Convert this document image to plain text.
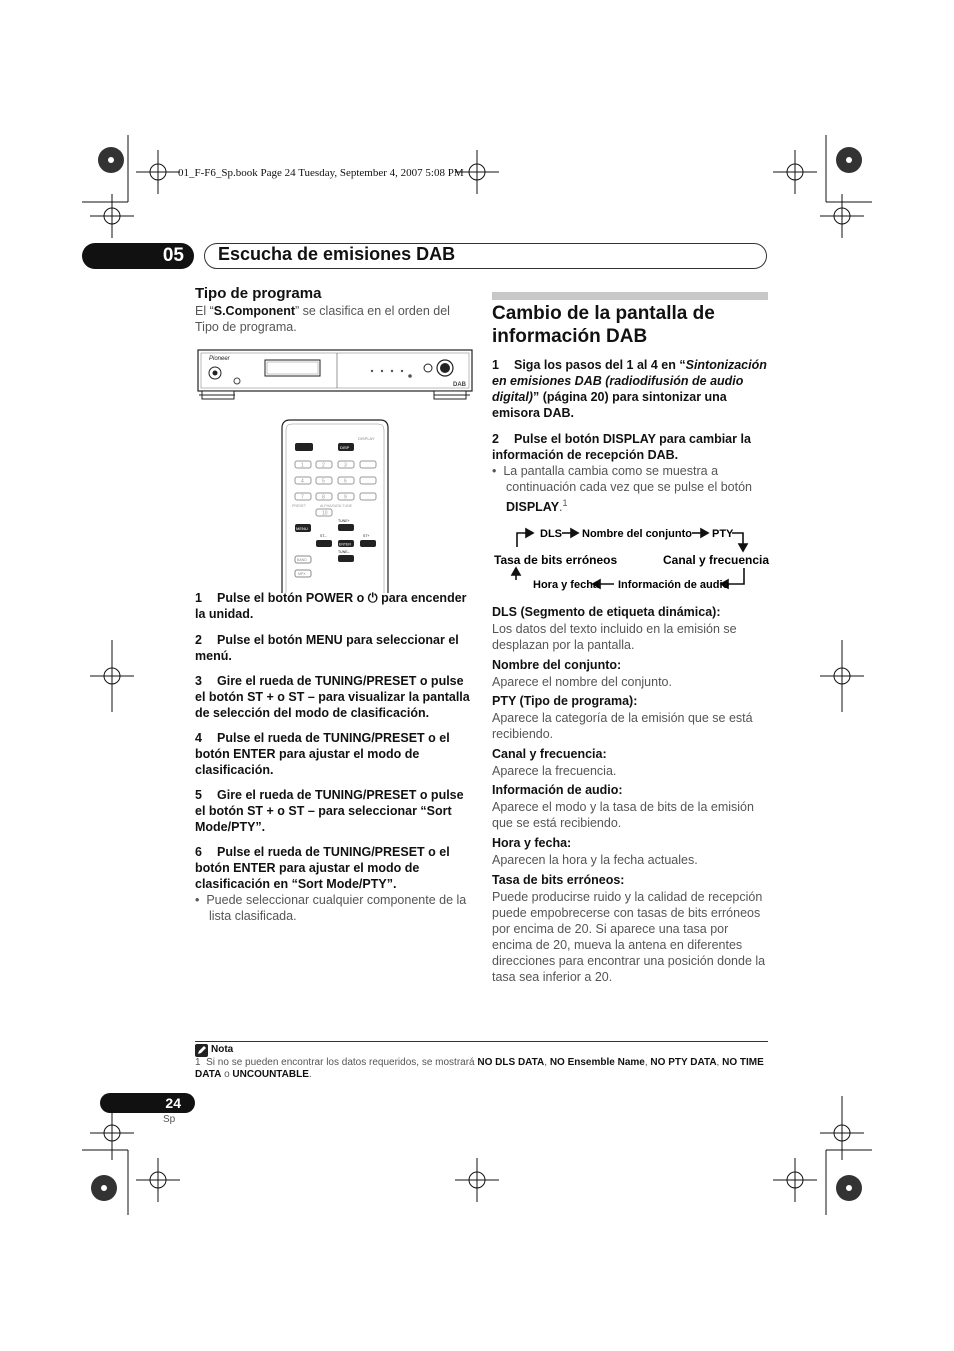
01_F-F6_Sp.book Page 24 Tuesday, September 4, 2007 5:08 PM
05	Escucha de emisiones DAB
Tipo de programa
El “S.Component” se clasifica en el orden del Tipo de programa.
Pioneer
DAB
DISPLAY
DISP
1	2	3
4	5	6
7	8	9
10
PRESET	ALPHA/DATA·TUNE
MENU
TUNE+
ST–	ST+
ENTER
TUNE–
BAND
MPX
1 Pulse el botón POWER o ⏻ para encender la unidad.
2 Pulse el botón MENU para seleccionar el menú.
3 Gire el rueda de TUNING/PRESET o pulse el botón ST + o ST – para visualizar la pantalla de selección del modo de clasificación.
4 Pulse el rueda de TUNING/PRESET o el botón ENTER para ajustar el modo de clasificación.
5 Gire el rueda de TUNING/PRESET o pulse el botón ST + o ST – para seleccionar “Sort Mode/PTY”.
6 Pulse el rueda de TUNING/PRESET o el botón ENTER para ajustar el modo de clasificación en “Sort Mode/PTY”.
•  Puede seleccionar cualquier componente de la lista clasificada.
Cambio de la pantalla de información DAB
1 Siga los pasos del 1 al 4 en “Sintonización en emisiones DAB (radiodifusión de audio digital)” (página 20) para sintonizar una emisora DAB.
2 Pulse el botón DISPLAY para cambiar la información de recepción DAB.
•  La pantalla cambia como se muestra a continuación cada vez que se pulse el botón DISPLAY.$^1$
DLS Nombre del conjunto PTY
Tasa de bits erróneos	Canal y frecuencia
Hora y fecha Información de audio
DLS (Segmento de etiqueta dinámica):
Los datos del texto incluido en la emisión se desplazan por la pantalla.
Nombre del conjunto:
Aparece el nombre del conjunto.
PTY (Tipo de programa):
Aparece la categoría de la emisión que se está recibiendo.
Canal y frecuencia:
Aparece la frecuencia.
Información de audio:
Aparece el modo y la tasa de bits de la emisión que se está recibiendo.
Hora y fecha:
Aparecen la hora y la fecha actuales.
Tasa de bits erróneos:
Puede producirse ruido y la calidad de recepción puede empobrecerse con tasas de bits erróneos por encima de 20. Si aparece una tasa por encima de 20, mueva la antena en diferentes direcciones para encontrar una posición donde la tasa sea inferior a 20.
Nota
1 Si no se pueden encontrar los datos requeridos, se mostrará NO DLS DATA, NO Ensemble Name, NO PTY DATA, NO TIME DATA o UNCOUNTABLE.
24
Sp
